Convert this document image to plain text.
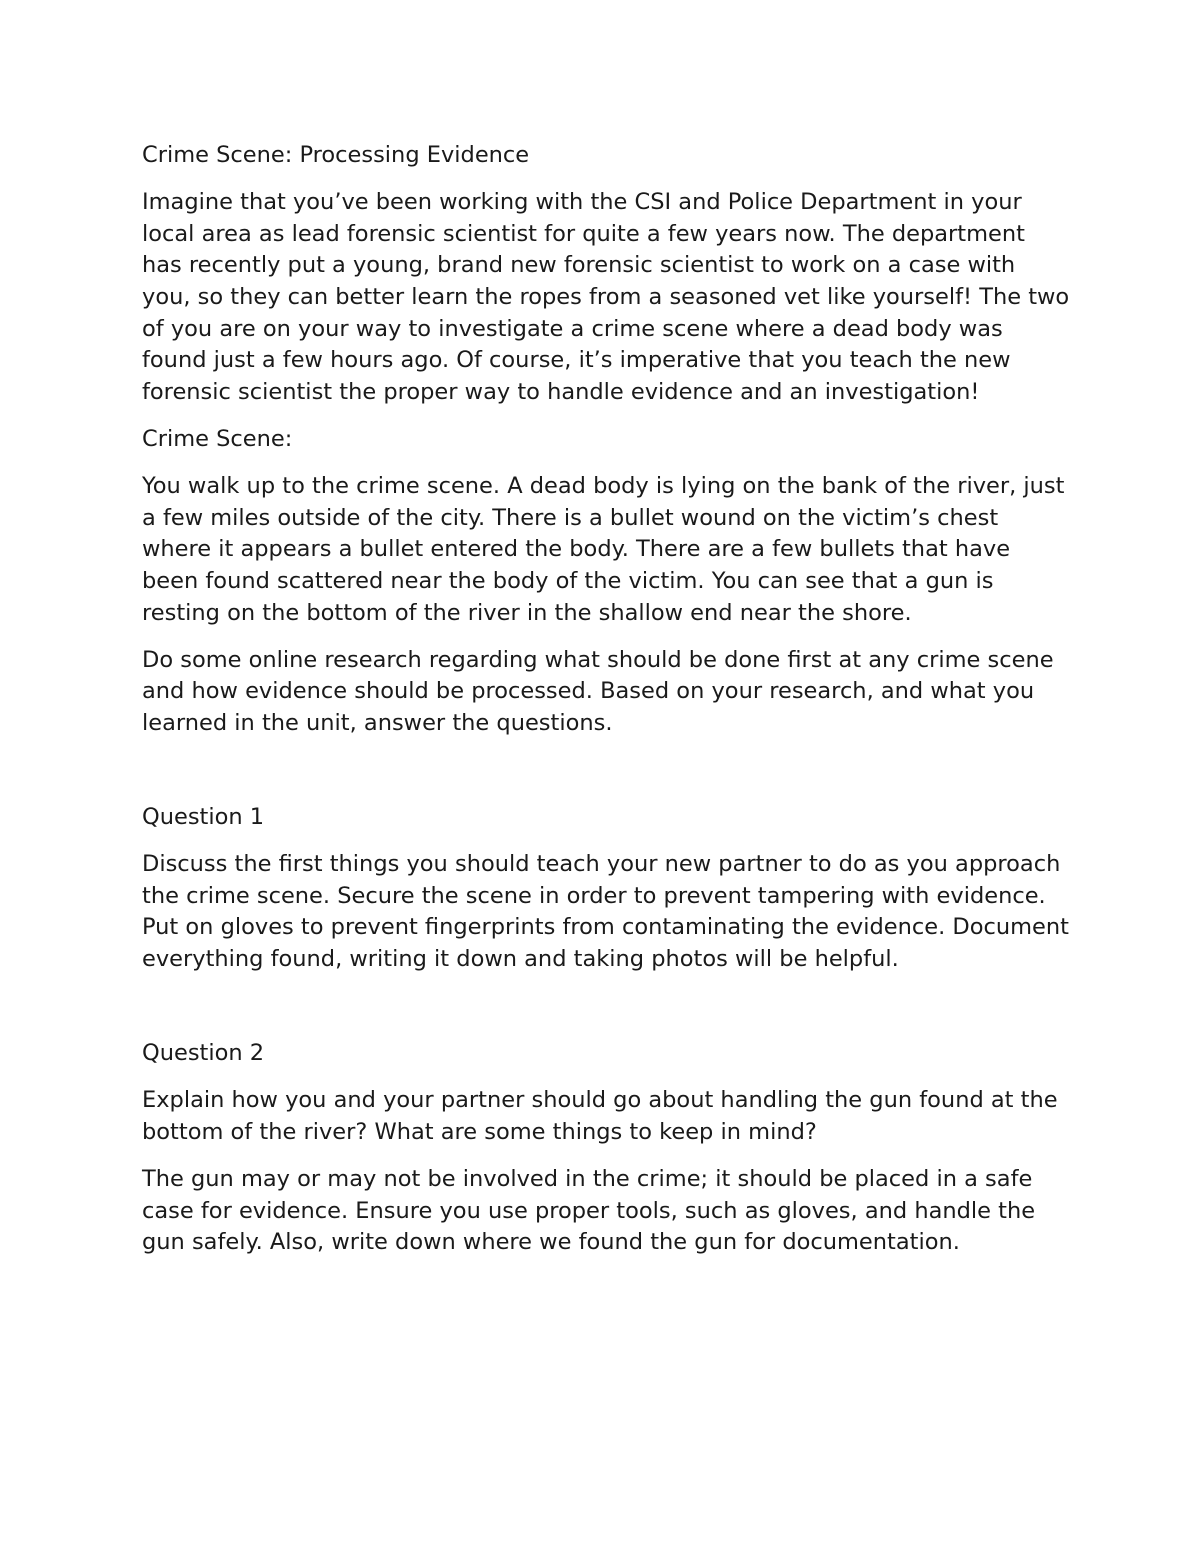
Crime Scene: Processing Evidence

Imagine that you’ve been working with the CSI and Police Department in your local area as lead forensic scientist for quite a few years now. The department has recently put a young, brand new forensic scientist to work on a case with you, so they can better learn the ropes from a seasoned vet like yourself! The two of you are on your way to investigate a crime scene where a dead body was found just a few hours ago. Of course, it’s imperative that you teach the new forensic scientist the proper way to handle evidence and an investigation!

Crime Scene:

You walk up to the crime scene. A dead body is lying on the bank of the river, just a few miles outside of the city. There is a bullet wound on the victim’s chest where it appears a bullet entered the body. There are a few bullets that have been found scattered near the body of the victim. You can see that a gun is resting on the bottom of the river in the shallow end near the shore.

Do some online research regarding what should be done first at any crime scene and how evidence should be processed. Based on your research, and what you learned in the unit, answer the questions.

Question 1

Discuss the first things you should teach your new partner to do as you approach the crime scene. Secure the scene in order to prevent tampering with evidence. Put on gloves to prevent fingerprints from contaminating the evidence. Document everything found, writing it down and taking photos will be helpful.

Question 2

Explain how you and your partner should go about handling the gun found at the bottom of the river? What are some things to keep in mind?

The gun may or may not be involved in the crime; it should be placed in a safe case for evidence. Ensure you use proper tools, such as gloves, and handle the gun safely. Also, write down where we found the gun for documentation.
